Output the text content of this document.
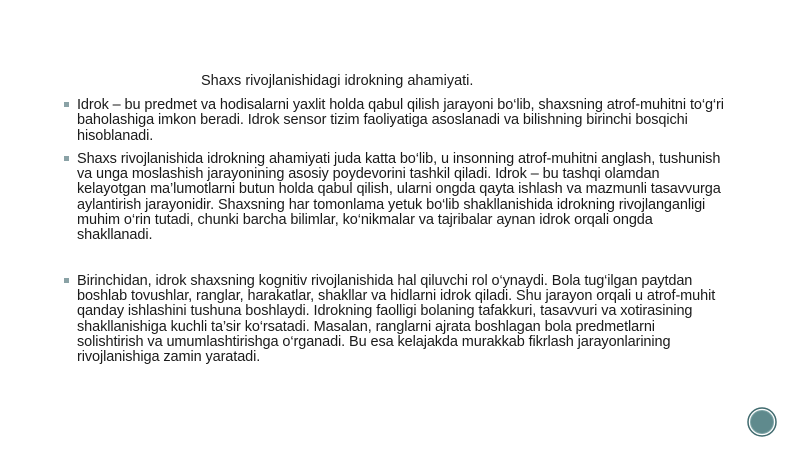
Shaxs rivojlanishidagi idrokning ahamiyati.
Idrok – bu predmet va hodisalarni yaxlit holda qabul qilish jarayoni bo‘lib, shaxsning atrof-muhitni to‘g‘ri baholashiga imkon beradi. Idrok sensor tizim faoliyatiga asoslanadi va bilishning birinchi bosqichi hisoblanadi.
Shaxs rivojlanishida idrokning ahamiyati juda katta bo‘lib, u insonning atrof-muhitni anglash, tushunish va unga moslashish jarayonining asosiy poydevorini tashkil qiladi. Idrok – bu tashqi olamdan kelayotgan ma’lumotlarni butun holda qabul qilish, ularni ongda qayta ishlash va mazmunli tasavvurga aylantirish jarayonidir. Shaxsning har tomonlama yetuk bo‘lib shakllanishida idrokning rivojlanganligi muhim o‘rin tutadi, chunki barcha bilimlar, ko‘nikmalar va tajribalar aynan idrok orqali ongda shakllanadi.
Birinchidan, idrok shaxsning kognitiv rivojlanishida hal qiluvchi rol o‘ynaydi. Bola tug‘ilgan paytdan boshlab tovushlar, ranglar, harakatlar, shakllar va hidlarni idrok qiladi. Shu jarayon orqali u atrof-muhit qanday ishlashini tushuna boshlaydi. Idrokning faolligi bolaning tafakkuri, tasavvuri va xotirasining shakllanishiga kuchli ta’sir ko‘rsatadi. Masalan, ranglarni ajrata boshlagan bola predmetlarni solishtirish va umumlashtirishga o‘rganadi. Bu esa kelajakda murakkab fikrlash jarayonlarining rivojlanishiga zamin yaratadi.
